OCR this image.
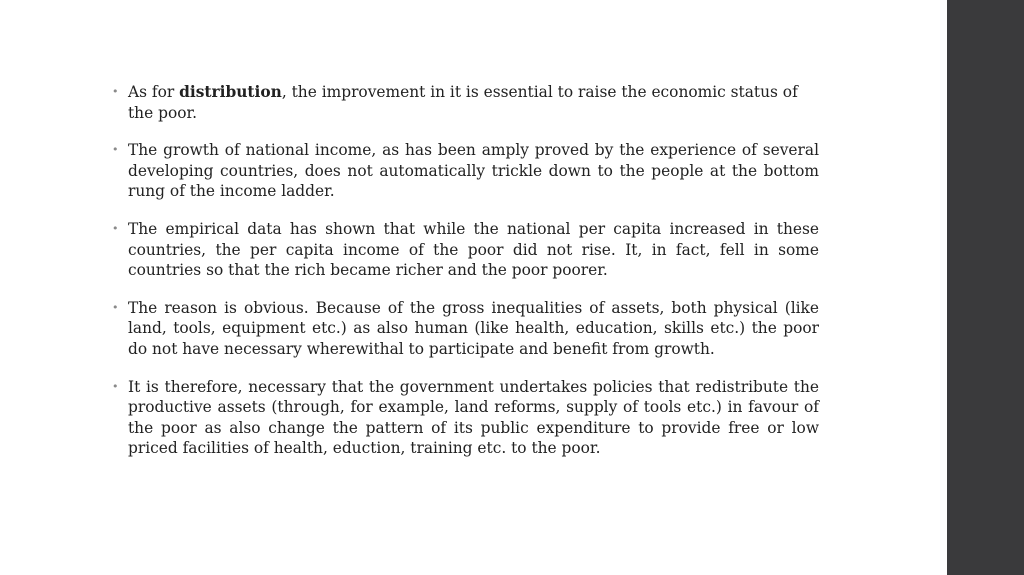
• As for distribution, the improvement in it is essential to raise the economic status of the poor.
• The growth of national income, as has been amply proved by the experience of several developing countries, does not automatically trickle down to the people at the bottom rung of the income ladder.
• The empirical data has shown that while the national per capita increased in these countries, the per capita income of the poor did not rise. It, in fact, fell in some countries so that the rich became richer and the poor poorer.
• The reason is obvious. Because of the gross inequalities of assets, both physical (like land, tools, equipment etc.) as also human (like health, education, skills etc.) the poor do not have necessary wherewithal to participate and benefit from growth.
• It is therefore, necessary that the government undertakes policies that redistribute the productive assets (through, for example, land reforms, supply of tools etc.) in favour of the poor as also change the pattern of its public expenditure to provide free or low priced facilities of health, eduction, training etc. to the poor.
